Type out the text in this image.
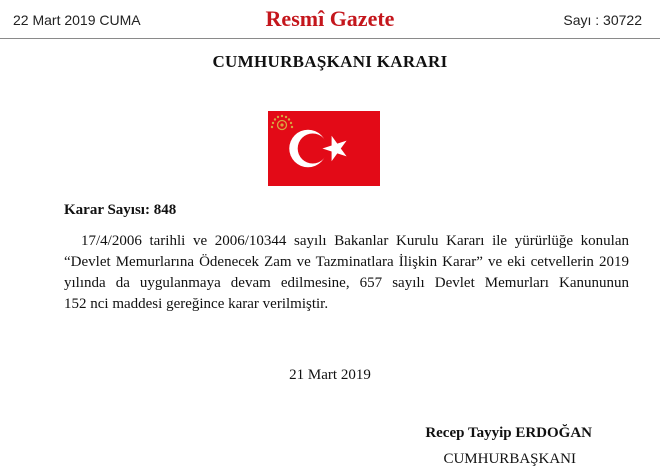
22 Mart 2019 CUMA	Resmî Gazete	Sayı : 30722
CUMHURBAŞKANI KARARI
Karar Sayısı: 848
17/4/2006 tarihli ve 2006/10344 sayılı Bakanlar Kurulu Kararı ile yürürlüğe konulan
“Devlet Memurlarına Ödenecek Zam ve Tazminatlara İlişkin Karar” ve eki cetvellerin 2019
yılında da uygulanmaya devam edilmesine, 657 sayılı Devlet Memurları Kanununun
152 nci maddesi gereğince karar verilmiştir.
21 Mart 2019
Recep Tayyip ERDOĞAN
CUMHURBAŞKANI
